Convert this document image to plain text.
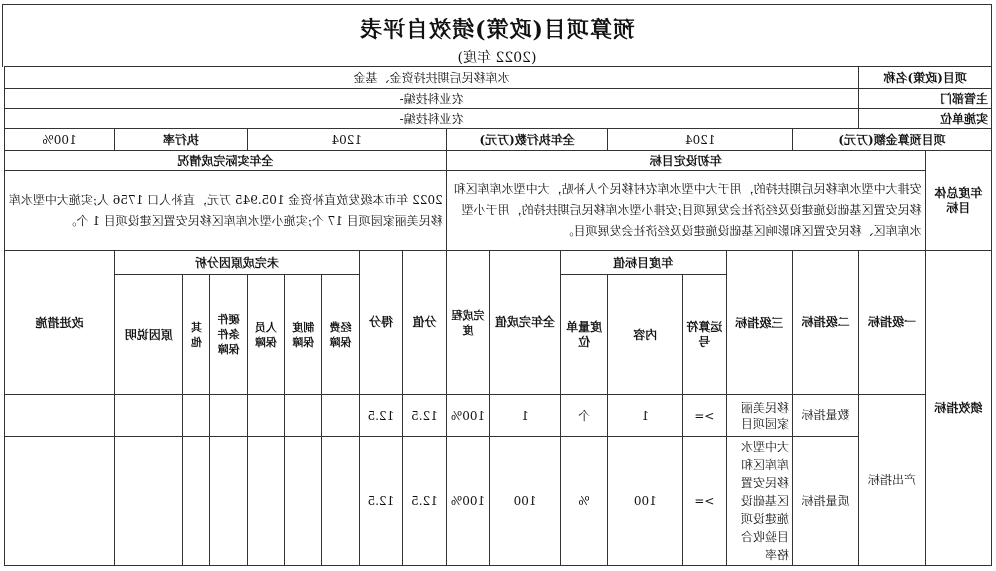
预算项目(政策)绩效自评表
(2022 年度)
项目(政策)名称		水库移民后期扶持资金、基金															
主管部门		农业科技编-															
实施单位		农业科技编-															
项目预算金额(万元)			1204			全年执行数(万元)			1204					执行率			100%
年度总体目标	年初设定目标								全年实际完成情况								
	安排大中型水库移民后期扶持的，用于大中型水库农村移民个人补贴，大中型水库库区和移民安置区基础设施建设及经济社会发展项目;安排小型水库移民后期扶持的，用于小型水库库区、移民安置区和影响区基础设施建设及经济社会发展项目。								2022 年市本级发放直补资金 105.945 万元，直补人口 1756 人;实施大中型水库移民美丽家园项目 17 个;实施小型水库库区移民安置区建设项目 1 个。								
绩效指标	一级指标	二级指标	三级指标	年度目标值			全年完成值	完成程度	分值	得分	未完成原因分析						改进措施
				运算符号	内容	度量单位					经费保障	制度保障	人员保障	硬件条件保障	其他	原因说明	
	产出指标	数量指标	移民美丽家园项目	>=	1	个	1	100%	12.5	12.5							
		质量指标	大中型水库库区和移民安置区基础设施建设项目验收合格率	>=	100	%	100	100%	12.5	12.5							
